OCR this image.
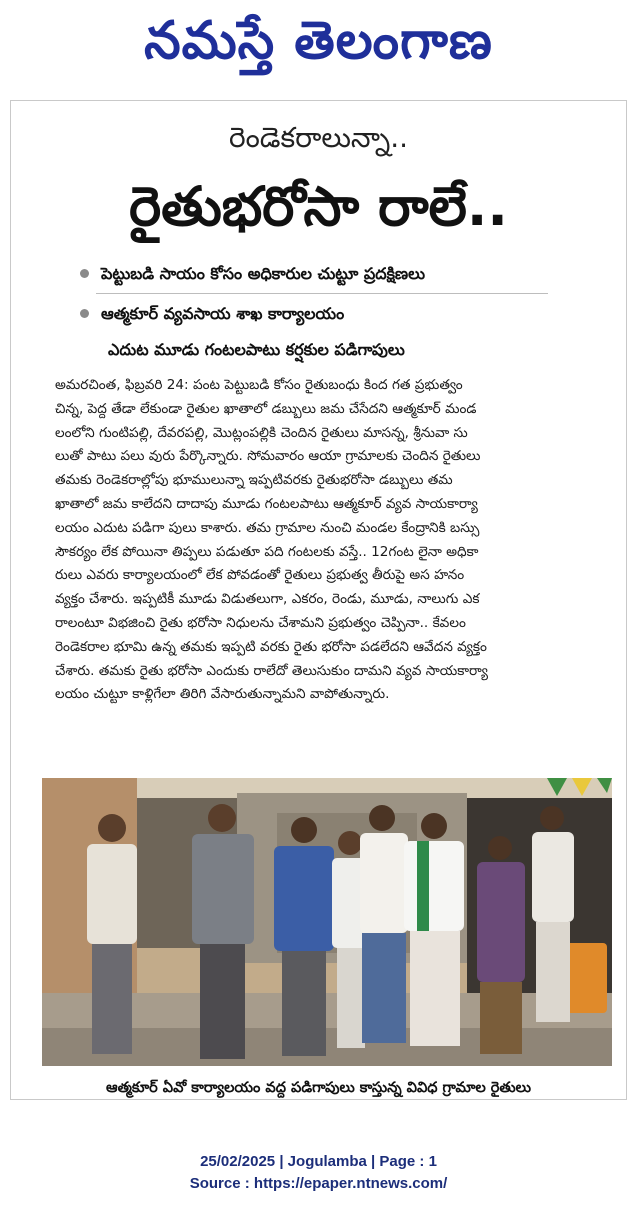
నమస్తే తెలంగాణ
రెండెకరాలున్నా..
రైతుభరోసా రాలే..
పెట్టుబడి సాయం కోసం అధికారుల చుట్టూ ప్రదక్షిణలు
ఆత్మకూర్ వ్యవసాయ శాఖ కార్యాలయం
ఎదుట మూడు గంటలపాటు కర్షకుల పడిగాపులు
అమరచింత, ఫిబ్రవరి 24: పంట పెట్టుబడి కోసం రైతుబంధు కింద గత ప్రభుత్వం
చిన్న, పెద్ద తేడా లేకుండా రైతుల ఖాతాలో డబ్బులు జమ చేసేదని ఆత్మకూర్ మండ
లంలోని గుంటిపల్లి, దేవరపల్లి, మొట్లంపల్లికి చెందిన రైతులు మాసన్న, శ్రీనువా సు
లుతో పాటు పలు వురు పేర్కొన్నారు. సోమవారం ఆయా గ్రామాలకు చెందిన రైతులు
తమకు రెండెకరాల్లోపు భూములున్నా ఇప్పటివరకు రైతుభరోసా డబ్బులు తమ
ఖాతాలో జమ కాలేదని దాదాపు మూడు గంటలపాటు ఆత్మకూర్ వ్యవ సాయకార్యా
లయం ఎదుట పడిగా పులు కాశారు. తమ గ్రామాల నుంచి మండల కేంద్రానికి బస్సు
సౌకర్యం లేక పోయినా తిప్పలు పడుతూ పది గంటలకు వస్తే.. 12గంట లైనా అధికా
రులు ఎవరు కార్యాలయంలో లేక పోవడంతో రైతులు ప్రభుత్వ తీరుపై అస హనం
వ్యక్తం చేశారు. ఇప్పటికీ మూడు విడుతలుగా, ఎకరం, రెండు, మూడు, నాలుగు ఎక
రాలంటూ విభజించి రైతు భరోసా నిధులను చేశామని ప్రభుత్వం చెప్పినా.. కేవలం
రెండెకరాల భూమి ఉన్న తమకు ఇప్పటి వరకు రైతు భరోసా పడలేదని ఆవేదన వ్యక్తం
చేశారు. తమకు రైతు భరోసా ఎందుకు రాలేదో తెలుసుకుం దామని వ్యవ సాయకార్యా
లయం చుట్టూ కాళ్లిగేలా తిరిగి వేసారుతున్నామని వాపోతున్నారు.
ఆత్మకూర్ ఏవో కార్యాలయం వద్ద పడిగాపులు కాస్తున్న వివిధ గ్రామాల రైతులు
25/02/2025 | Jogulamba | Page : 1
Source : https://epaper.ntnews.com/
